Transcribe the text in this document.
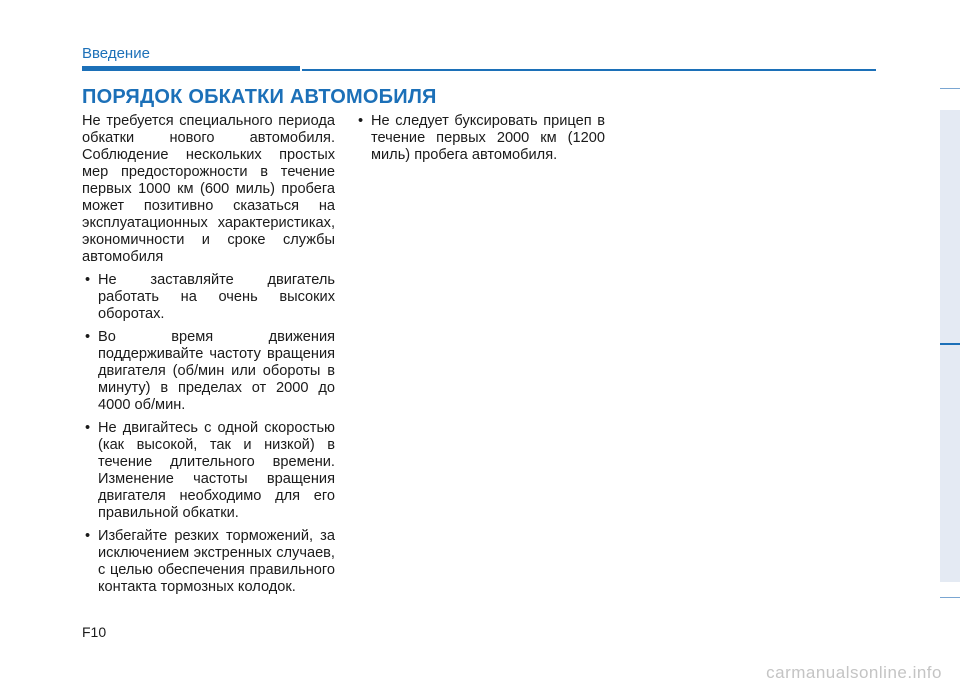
Введение
ПОРЯДОК ОБКАТКИ АВТОМОБИЛЯ

Не требуется специального периода обкатки нового автомобиля. Соблюдение нескольких простых мер предосторожности в течение первых 1000 км (600 миль) пробега может позитивно сказаться на эксплуатационных характеристиках, экономичности и сроке службы автомобиля

• Не заставляйте двигатель работать на очень высоких оборотах.
• Во время движения поддерживайте частоту вращения двигателя (об/мин или обороты в минуту) в пределах от 2000 до 4000 об/мин.
• Не двигайтесь с одной скоростью (как высокой, так и низкой) в течение длительного времени. Изменение частоты вращения двигателя необходимо для его правильной обкатки.
• Избегайте резких торможений, за исключением экстренных случаев, с целью обеспечения правильного контакта тормозных колодок.
• Не следует буксировать прицеп в течение первых 2000 км (1200 миль) пробега автомобиля.
F10
carmanualsonline.info
